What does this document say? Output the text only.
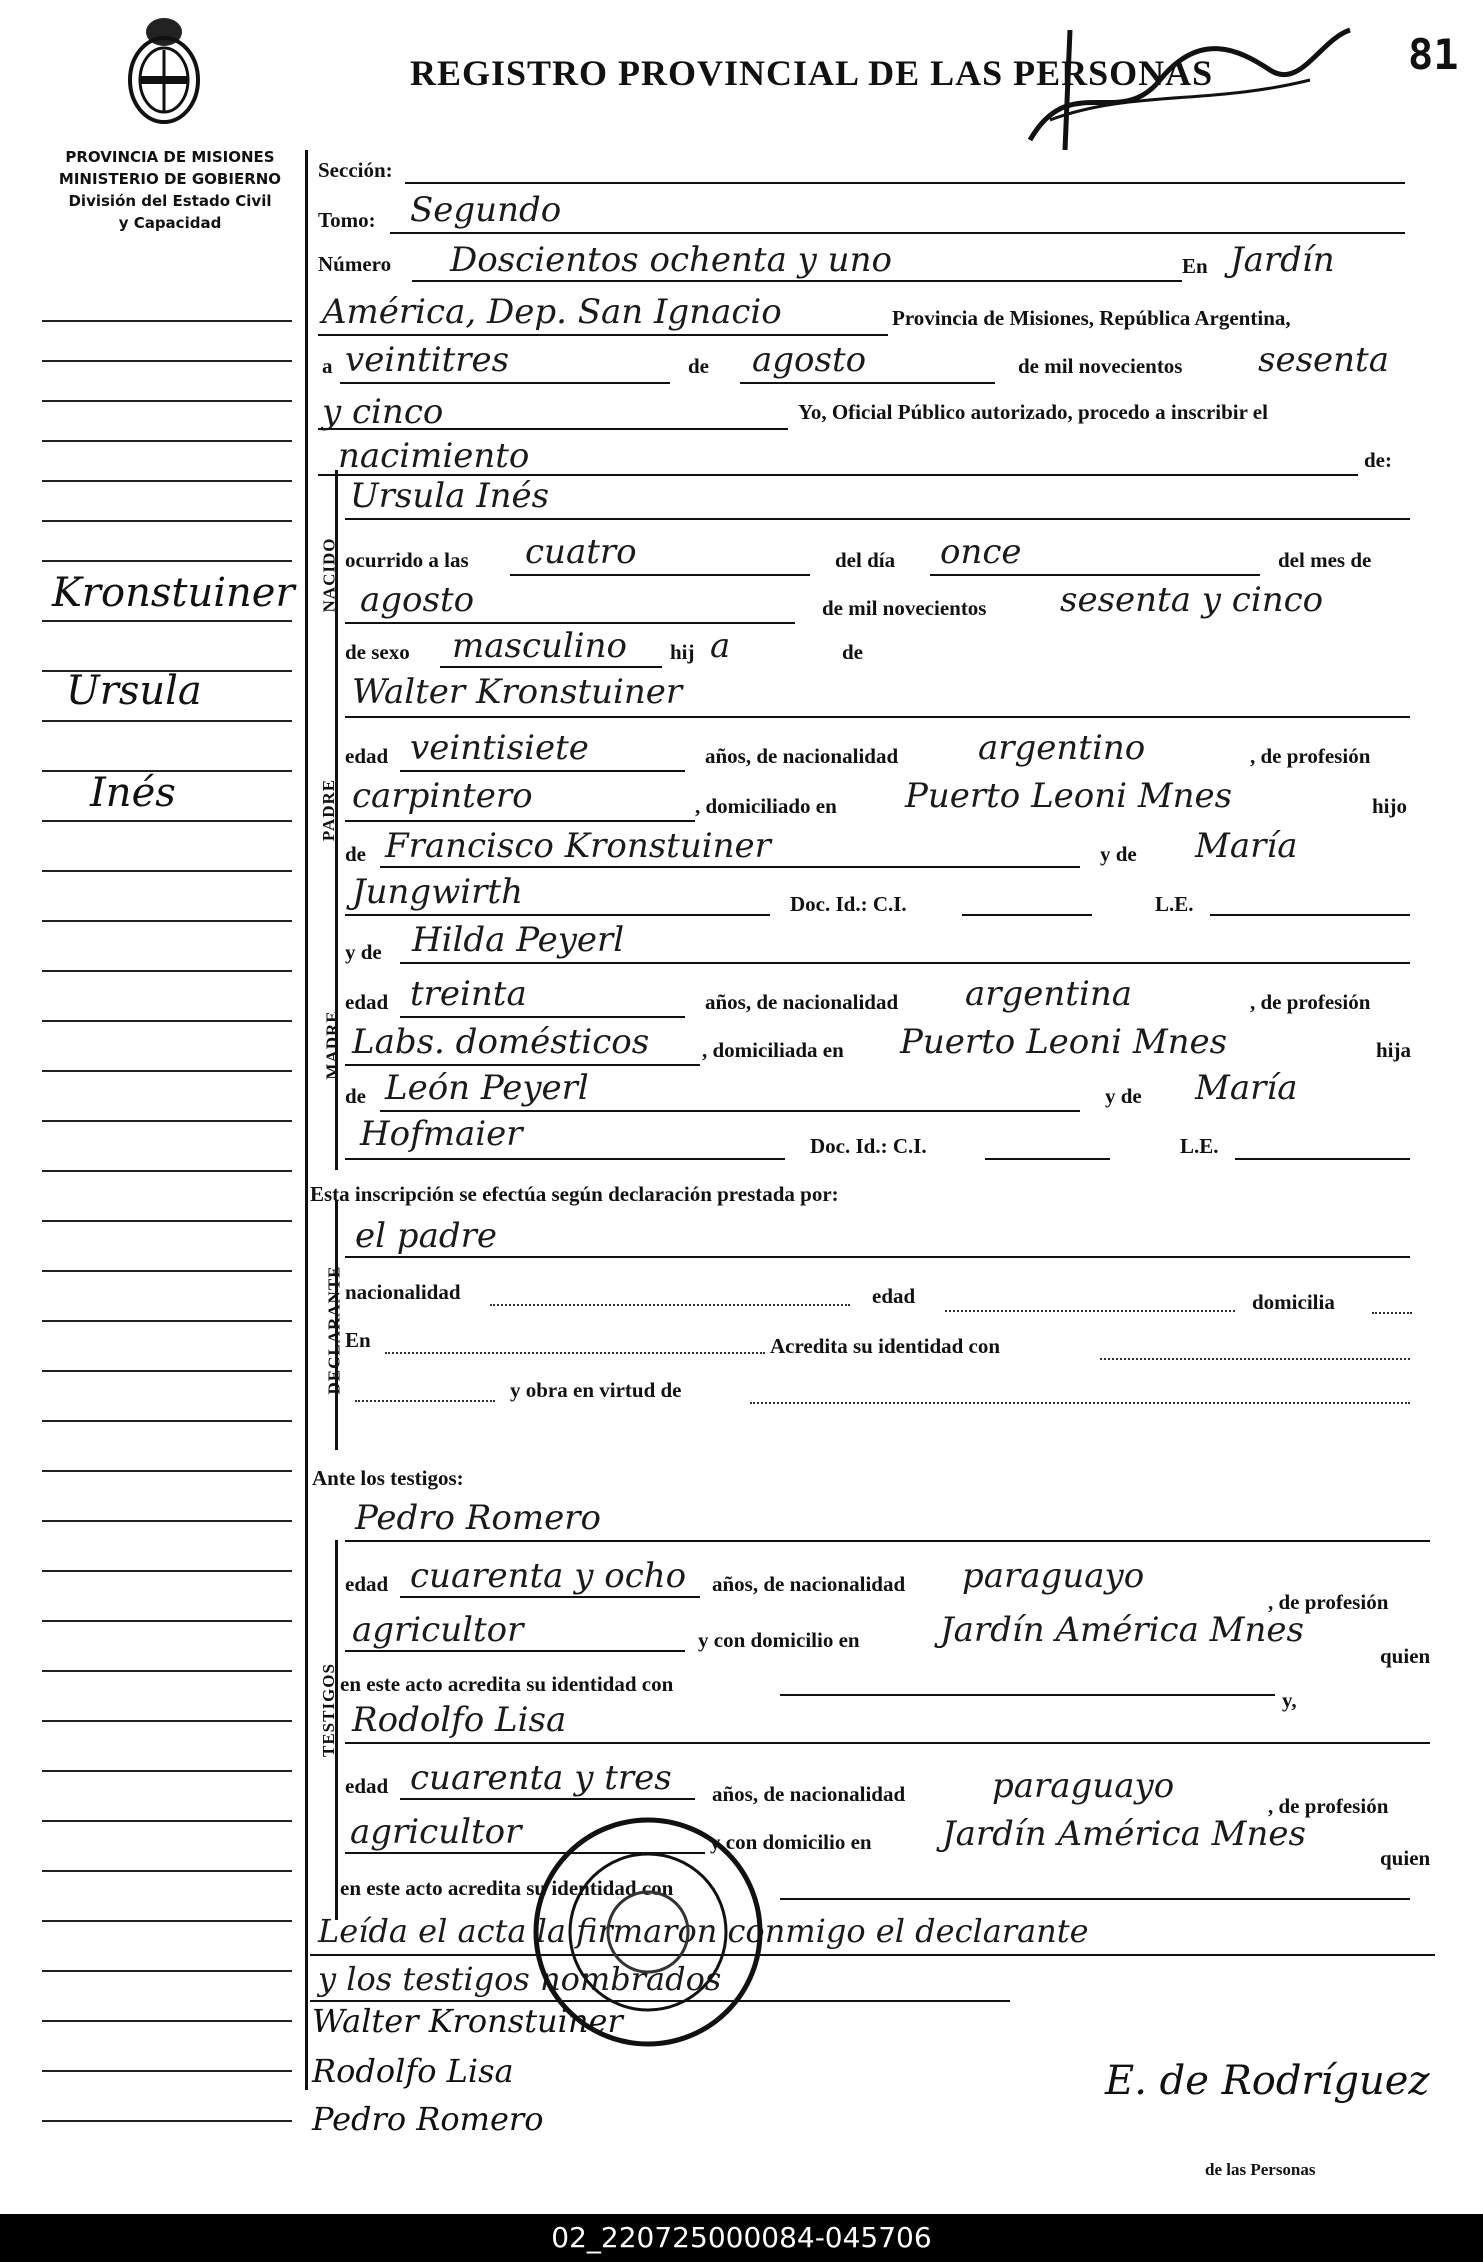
REGISTRO PROVINCIAL DE LAS PERSONAS	81
PROVINCIA DE MISIONES
MINISTERIO DE GOBIERNO
División del Estado Civil
y Capacidad
Kronstuiner
Ursula
Inés
NACIDO
PADRE
MADRE
DECLARANTE
TESTIGOS
Sección:
Tomo: Segundo
Número Doscientos ochenta y uno	En Jardín
América, Dep. San Ignacio	Provincia de Misiones, República Argentina,
a veintitres	de agosto	de mil novecientos sesenta
y cinco	Yo, Oficial Público autorizado, procedo a inscribir el
nacimiento	de:
Ursula Inés
ocurrido a las cuatro	del día once	del mes de
agosto	de mil novecientos sesenta y cinco
de sexo masculino hij a	de
Walter Kronstuiner
edad veintisiete	años, de nacionalidad argentino	, de profesión
carpintero	, domiciliado en Puerto Leoni Mnes	hijo
de Francisco Kronstuiner	y de María
Jungwirth	Doc. Id.: C.I.	L.E.
y de Hilda Peyerl
edad treinta	años, de nacionalidad argentina	, de profesión
Labs. domésticos	, domiciliada en Puerto Leoni Mnes	hija
de León Peyerl	y de María
Hofmaier	Doc. Id.: C.I.	L.E.
Esta inscripción se efectúa según declaración prestada por:
el padre
nacionalidad	edad	domicilia
En	Acredita su identidad con
y obra en virtud de
Ante los testigos:
Pedro Romero
edad cuarenta y ocho años, de nacionalidad paraguayo
, de profesión
agricultor	y con domicilio en Jardín América Mnes
quien
en este acto acredita su identidad con
y,
Rodolfo Lisa
edad cuarenta y tres años, de nacionalidad	paraguayo	, de profesión
agricultor	y con domicilio en Jardín América Mnes
quien
en este acto acredita su identidad con
Leída el acta la firmaron conmigo el declarante
y los testigos nombrados
Walter Kronstuiner
Rodolfo Lisa
Pedro Romero
E. de Rodríguez
de las Personas
02_220725000084-045706
